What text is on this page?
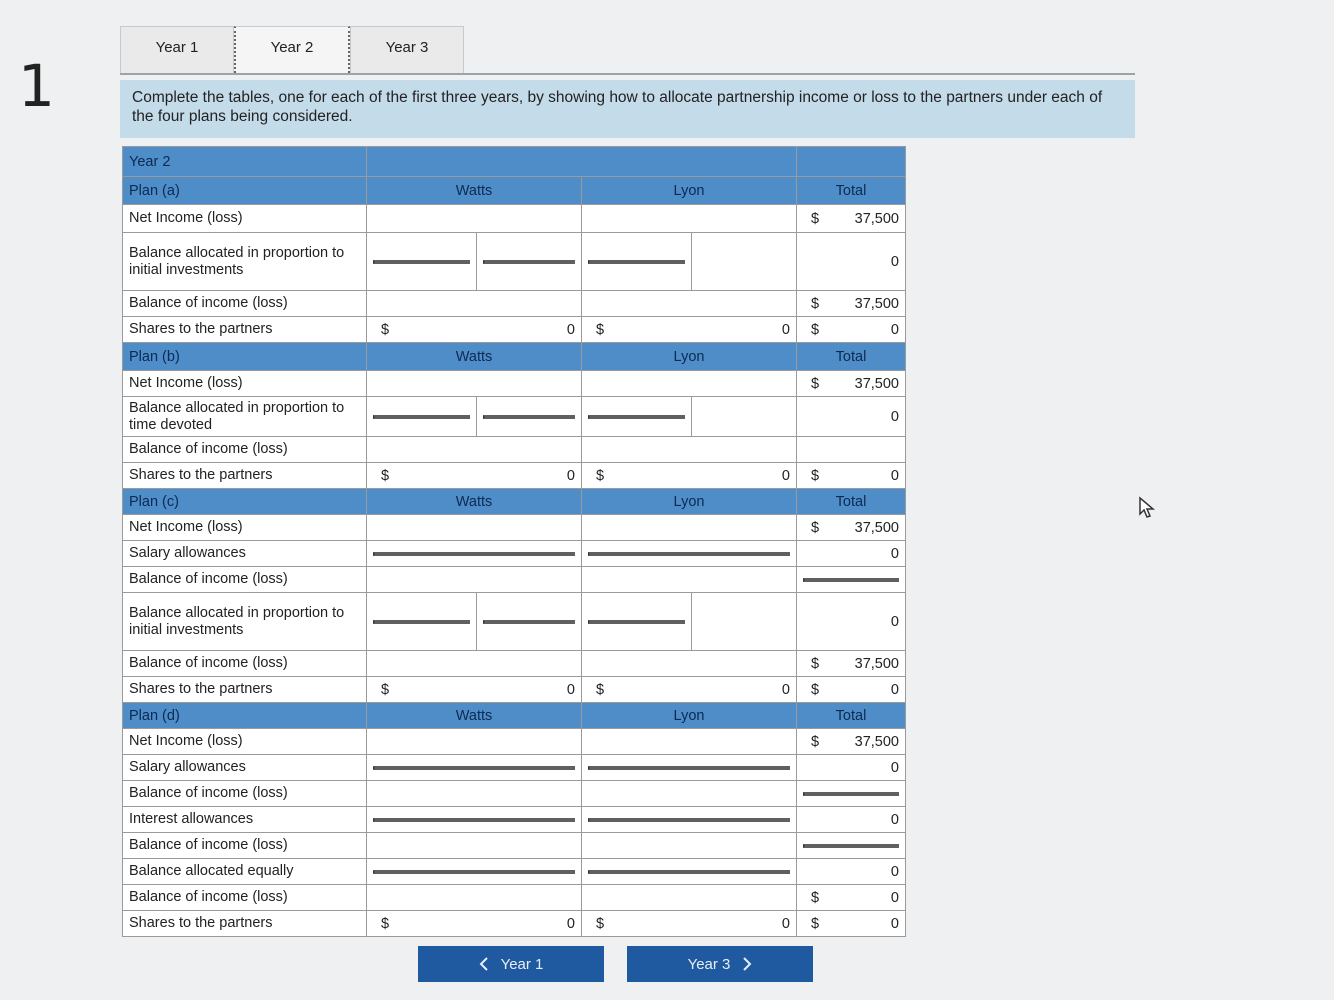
1
Year 1	Year 2	Year 3
Complete the tables, one for each of the first three years, by showing how to allocate partnership income or loss to the partners under each of the four plans being considered.
Year 2					
Plan (a)	Watts		Lyon		Total
Net Income (loss)					$ 37,500

Balance allocated in proportion to initial investments					0
Balance of income (loss)					$ 37,500

Shares to the partners	$ 0		$ 0		$ 0

Plan (b)	Watts		Lyon		Total
Net Income (loss)					$ 37,500

Balance allocated in proportion to time devoted					0
Balance of income (loss)					
Shares to the partners	$ 0		$ 0		$ 0

Plan (c)	Watts		Lyon		Total
Net Income (loss)					$ 37,500

Salary allowances					0
Balance of income (loss)					

Balance allocated in proportion to initial investments					0
Balance of income (loss)					$ 37,500

Shares to the partners	$ 0		$ 0		$ 0

Plan (d)	Watts		Lyon		Total
Net Income (loss)					$ 37,500

Salary allowances					0
Balance of income (loss)					

Interest allowances					0
Balance of income (loss)					

Balance allocated equally					0
Balance of income (loss)					$ 0

Shares to the partners	$ 0		$ 0		$ 0
Year 1	Year 3
